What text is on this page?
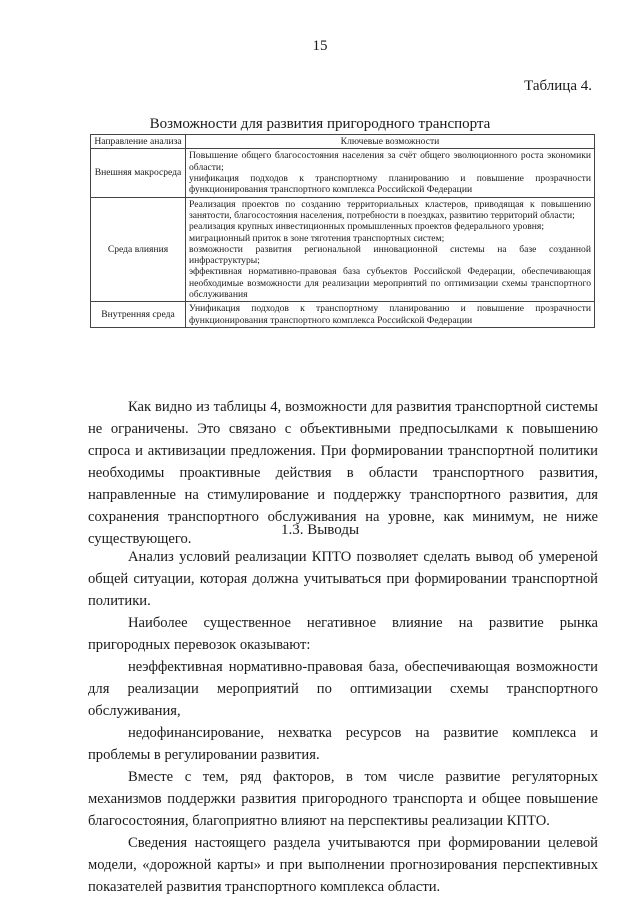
15
Таблица 4.
Возможности для развития пригородного транспорта
Направление анализа	Ключевые возможности
Внешняя макросреда	Повышение общего благосостояния населения за счёт общего эволюционного роста экономики области;
унификация подходов к транспортному планированию и повышение прозрачности функционирования транспортного комплекса Российской Федерации

Среда влияния	Реализация проектов по созданию территориальных кластеров, приводящая к повышению занятости, благосостояния населения, потребности в поездках, развитию территорий области;
реализация крупных инвестиционных промышленных проектов федерального уровня;
миграционный приток в зоне тяготения транспортных систем;
возможности развития региональной инновационной системы на базе созданной инфраструктуры;
эффективная нормативно-правовая база субъектов Российской Федерации, обеспечивающая необходимые возможности для реализации мероприятий по оптимизации схемы транспортного обслуживания

Внутренняя среда	Унификация подходов к транспортному планированию и повышение прозрачности функционирования транспортного комплекса Российской Федерации

Как видно из таблицы 4, возможности для развития транспортной системы не ограничены. Это связано с объективными предпосылками к повышению спроса и активизации предложения. При формировании транспортной политики необходимы проактивные действия в области транспортного развития, направленные на стимулирование и поддержку транспортного развития, для сохранения транспортного обслуживания на уровне, как минимум, не ниже существующего.

1.3. Выводы

Анализ условий реализации КПТО позволяет сделать вывод об умереной общей ситуации, которая должна учитываться при формировании транспортной политики.

Наиболее существенное негативное влияние на развитие рынка пригородных перевозок оказывают:

неэффективная нормативно-правовая база, обеспечивающая возможности для реализации мероприятий по оптимизации схемы транспортного обслуживания,

недофинансирование, нехватка ресурсов на развитие комплекса и проблемы в регулировании развития.

Вместе с тем, ряд факторов, в том числе развитие регуляторных механизмов поддержки развития пригородного транспорта и общее повышение благосостояния, благоприятно влияют на перспективы реализации КПТО.

Сведения настоящего раздела учитываются при формировании целевой модели, «дорожной карты» и при выполнении прогнозирования перспективных показателей развития транспортного комплекса области.
